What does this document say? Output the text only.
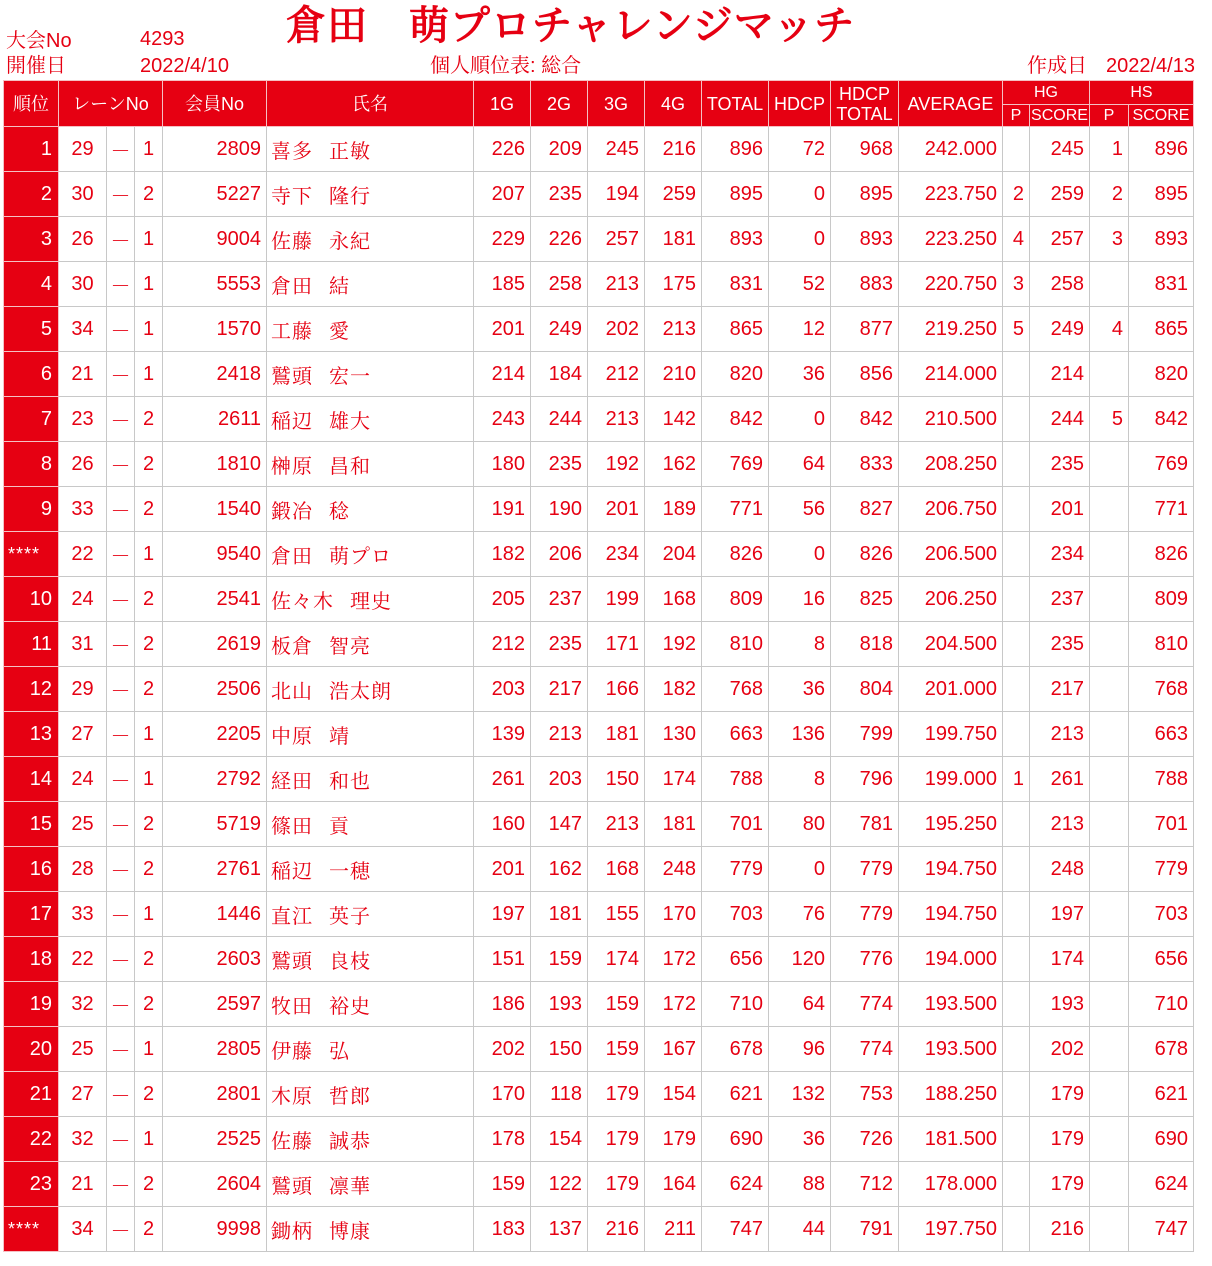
大会No	4293
開催日	2022/4/10
倉田　萌プロチャレンジマッチ
個人順位表: 総合	作成日 2022/4/13
順位	レーンNo			会員No	氏名	1G	2G	3G	4G	TOTAL	HDCP	HDCP
TOTAL	AVERAGE	HG		HS	
														P	SCORE	P	SCORE
1	29	－	1	2809	喜多 正敏	226	209	245	216	896	72	968	242.000		245	1	896
2	30	－	2	5227	寺下 隆行	207	235	194	259	895	0	895	223.750	2	259	2	895
3	26	－	1	9004	佐藤 永紀	229	226	257	181	893	0	893	223.250	4	257	3	893
4	30	－	1	5553	倉田 結	185	258	213	175	831	52	883	220.750	3	258		831
5	34	－	1	1570	工藤 愛	201	249	202	213	865	12	877	219.250	5	249	4	865
6	21	－	1	2418	鷲頭 宏一	214	184	212	210	820	36	856	214.000		214		820
7	23	－	2	2611	稲辺 雄大	243	244	213	142	842	0	842	210.500		244	5	842
8	26	－	2	1810	榊原 昌和	180	235	192	162	769	64	833	208.250		235		769
9	33	－	2	1540	鍛冶 稔	191	190	201	189	771	56	827	206.750		201		771
****	22	－	1	9540	倉田 萌プロ	182	206	234	204	826	0	826	206.500		234		826
10	24	－	2	2541	佐々木 理史	205	237	199	168	809	16	825	206.250		237		809
11	31	－	2	2619	板倉 智亮	212	235	171	192	810	8	818	204.500		235		810
12	29	－	2	2506	北山 浩太朗	203	217	166	182	768	36	804	201.000		217		768
13	27	－	1	2205	中原 靖	139	213	181	130	663	136	799	199.750		213		663
14	24	－	1	2792	経田 和也	261	203	150	174	788	8	796	199.000	1	261		788
15	25	－	2	5719	篠田 貢	160	147	213	181	701	80	781	195.250		213		701
16	28	－	2	2761	稲辺 一穂	201	162	168	248	779	0	779	194.750		248		779
17	33	－	1	1446	直江 英子	197	181	155	170	703	76	779	194.750		197		703
18	22	－	2	2603	鷲頭 良枝	151	159	174	172	656	120	776	194.000		174		656
19	32	－	2	2597	牧田 裕史	186	193	159	172	710	64	774	193.500		193		710
20	25	－	1	2805	伊藤 弘	202	150	159	167	678	96	774	193.500		202		678
21	27	－	2	2801	木原 哲郎	170	118	179	154	621	132	753	188.250		179		621
22	32	－	1	2525	佐藤 誠恭	178	154	179	179	690	36	726	181.500		179		690
23	21	－	2	2604	鷲頭 凛華	159	122	179	164	624	88	712	178.000		179		624
****	34	－	2	9998	鋤柄 博康	183	137	216	211	747	44	791	197.750		216		747
